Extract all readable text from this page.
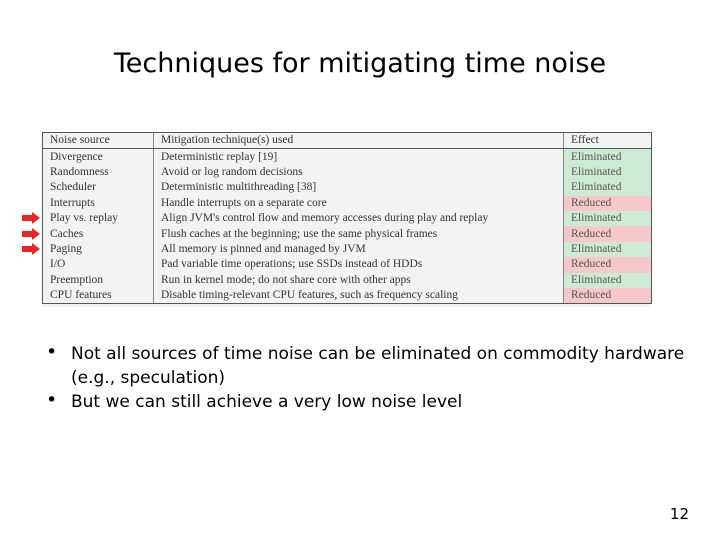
Techniques for mitigating time noise
Noise source	Mitigation technique(s) used	Effect
Divergence	Deterministic replay [19]	Eliminated
Randomness	Avoid or log random decisions	Eliminated
Scheduler	Deterministic multithreading [38]	Eliminated
Interrupts	Handle interrupts on a separate core	Reduced
Play vs. replay	Align JVM's control flow and memory accesses during play and replay	Eliminated
Caches	Flush caches at the beginning; use the same physical frames	Reduced
Paging	All memory is pinned and managed by JVM	Eliminated
I/O	Pad variable time operations; use SSDs instead of HDDs	Reduced
Preemption	Run in kernel mode; do not share core with other apps	Eliminated
CPU features	Disable timing-relevant CPU features, such as frequency scaling	Reduced
• Not all sources of time noise can be eliminated on commodity hardware (e.g., speculation)
• But we can still achieve a very low noise level
12
